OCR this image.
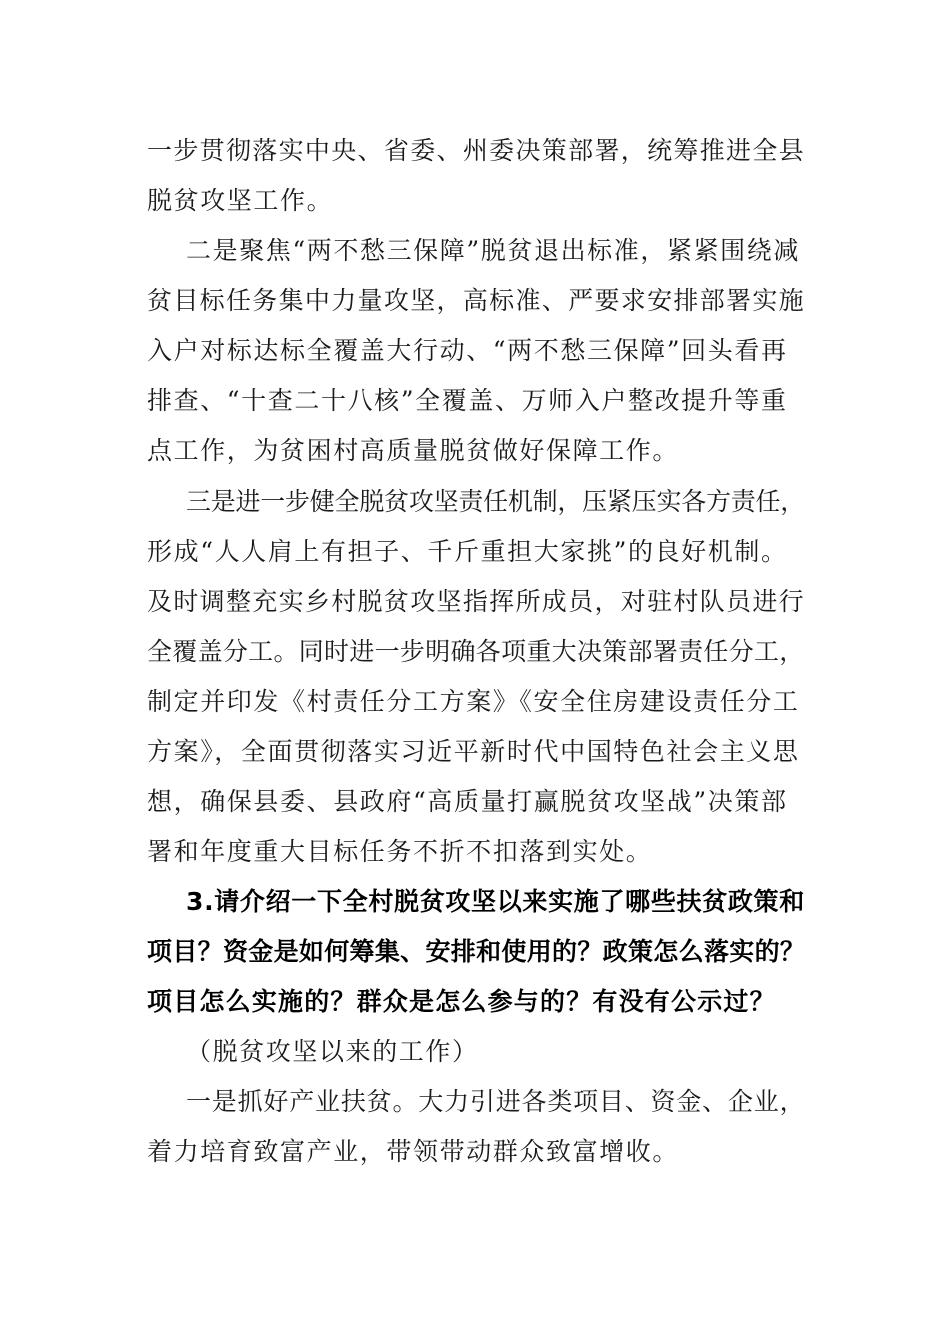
一步贯彻落实中央、省委、州委决策部署，统筹推进全县
脱贫攻坚工作。
二是聚焦“两不愁三保障”脱贫退出标准，紧紧围绕减
贫目标任务集中力量攻坚，高标准、严要求安排部署实施
入户对标达标全覆盖大行动、“两不愁三保障”回头看再
排查、“十查二十八核”全覆盖、万师入户整改提升等重
点工作，为贫困村高质量脱贫做好保障工作。
三是进一步健全脱贫攻坚责任机制，压紧压实各方责任，
形成“人人肩上有担子、千斤重担大家挑”的良好机制。
及时调整充实乡村脱贫攻坚指挥所成员，对驻村队员进行
全覆盖分工。同时进一步明确各项重大决策部署责任分工，
制定并印发《村责任分工方案》《安全住房建设责任分工
方案》，全面贯彻落实习近平新时代中国特色社会主义思
想，确保县委、县政府“高质量打赢脱贫攻坚战”决策部
署和年度重大目标任务不折不扣落到实处。
3.请介绍一下全村脱贫攻坚以来实施了哪些扶贫政策和
项目？资金是如何筹集、安排和使用的？政策怎么落实的？
项目怎么实施的？群众是怎么参与的？有没有公示过？
（脱贫攻坚以来的工作）
一是抓好产业扶贫。大力引进各类项目、资金、企业，
着力培育致富产业，带领带动群众致富增收。
